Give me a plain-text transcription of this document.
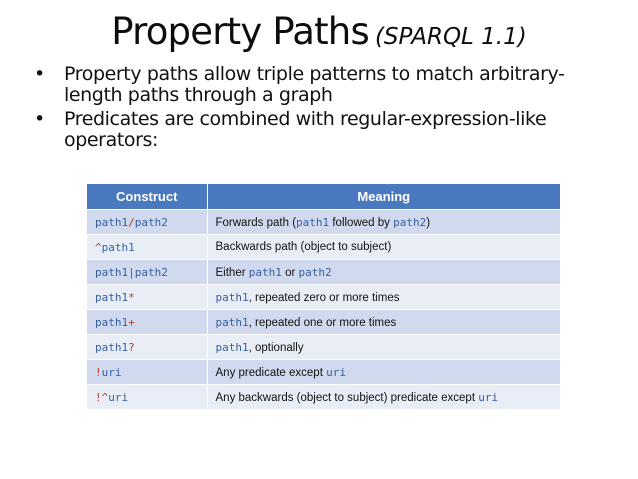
Property Paths (SPARQL 1.1)
• Property paths allow triple patterns to match arbitrary-length paths through a graph
• Predicates are combined with regular-expression-like operators:
Construct	Meaning
path1/path2	Forwards path (path1 followed by path2)
^path1	Backwards path (object to subject)
path1|path2	Either path1 or path2
path1*	path1, repeated zero or more times
path1+	path1, repeated one or more times
path1?	path1, optionally
!uri	Any predicate except uri
!^uri	Any backwards (object to subject) predicate except uri
